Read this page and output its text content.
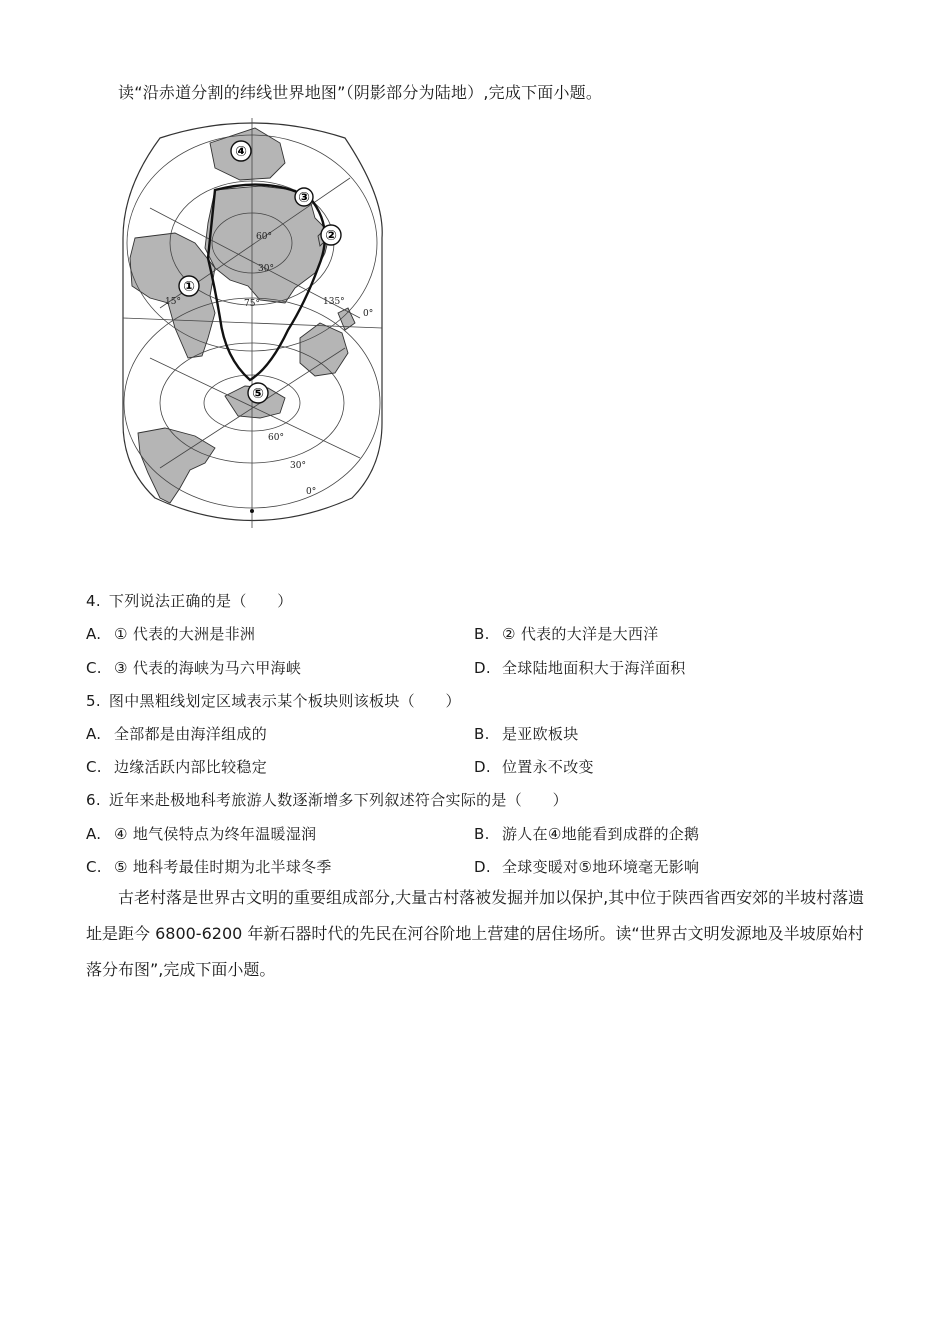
读“沿赤道分割的纬线世界地图”（阴影部分为陆地）,完成下面小题。
60°
30°
15°	75°	135°
0°
60°
30°
0°
④
③
②
①
⑤
4. 下列说法正确的是（　　）
A. ① 代表的大洲是非洲	B. ② 代表的大洋是大西洋
C. ③ 代表的海峡为马六甲海峡	D. 全球陆地面积大于海洋面积
5. 图中黑粗线划定区域表示某个板块则该板块（　　）
A. 全部都是由海洋组成的	B. 是亚欧板块
C. 边缘活跃内部比较稳定	D. 位置永不改变
6. 近年来赴极地科考旅游人数逐渐增多下列叙述符合实际的是（　　）
A. ④ 地气侯特点为终年温暖湿润	B. 游人在④地能看到成群的企鹅
C. ⑤ 地科考最佳时期为北半球冬季	D. 全球变暖对⑤地环境毫无影响
古老村落是世界古文明的重要组成部分,大量古村落被发掘并加以保护,其中位于陕西省西安郊的半坡村落遗址是距今 6800-6200 年新石器时代的先民在河谷阶地上营建的居住场所。读“世界古文明发源地及半坡原始村落分布图”,完成下面小题。
